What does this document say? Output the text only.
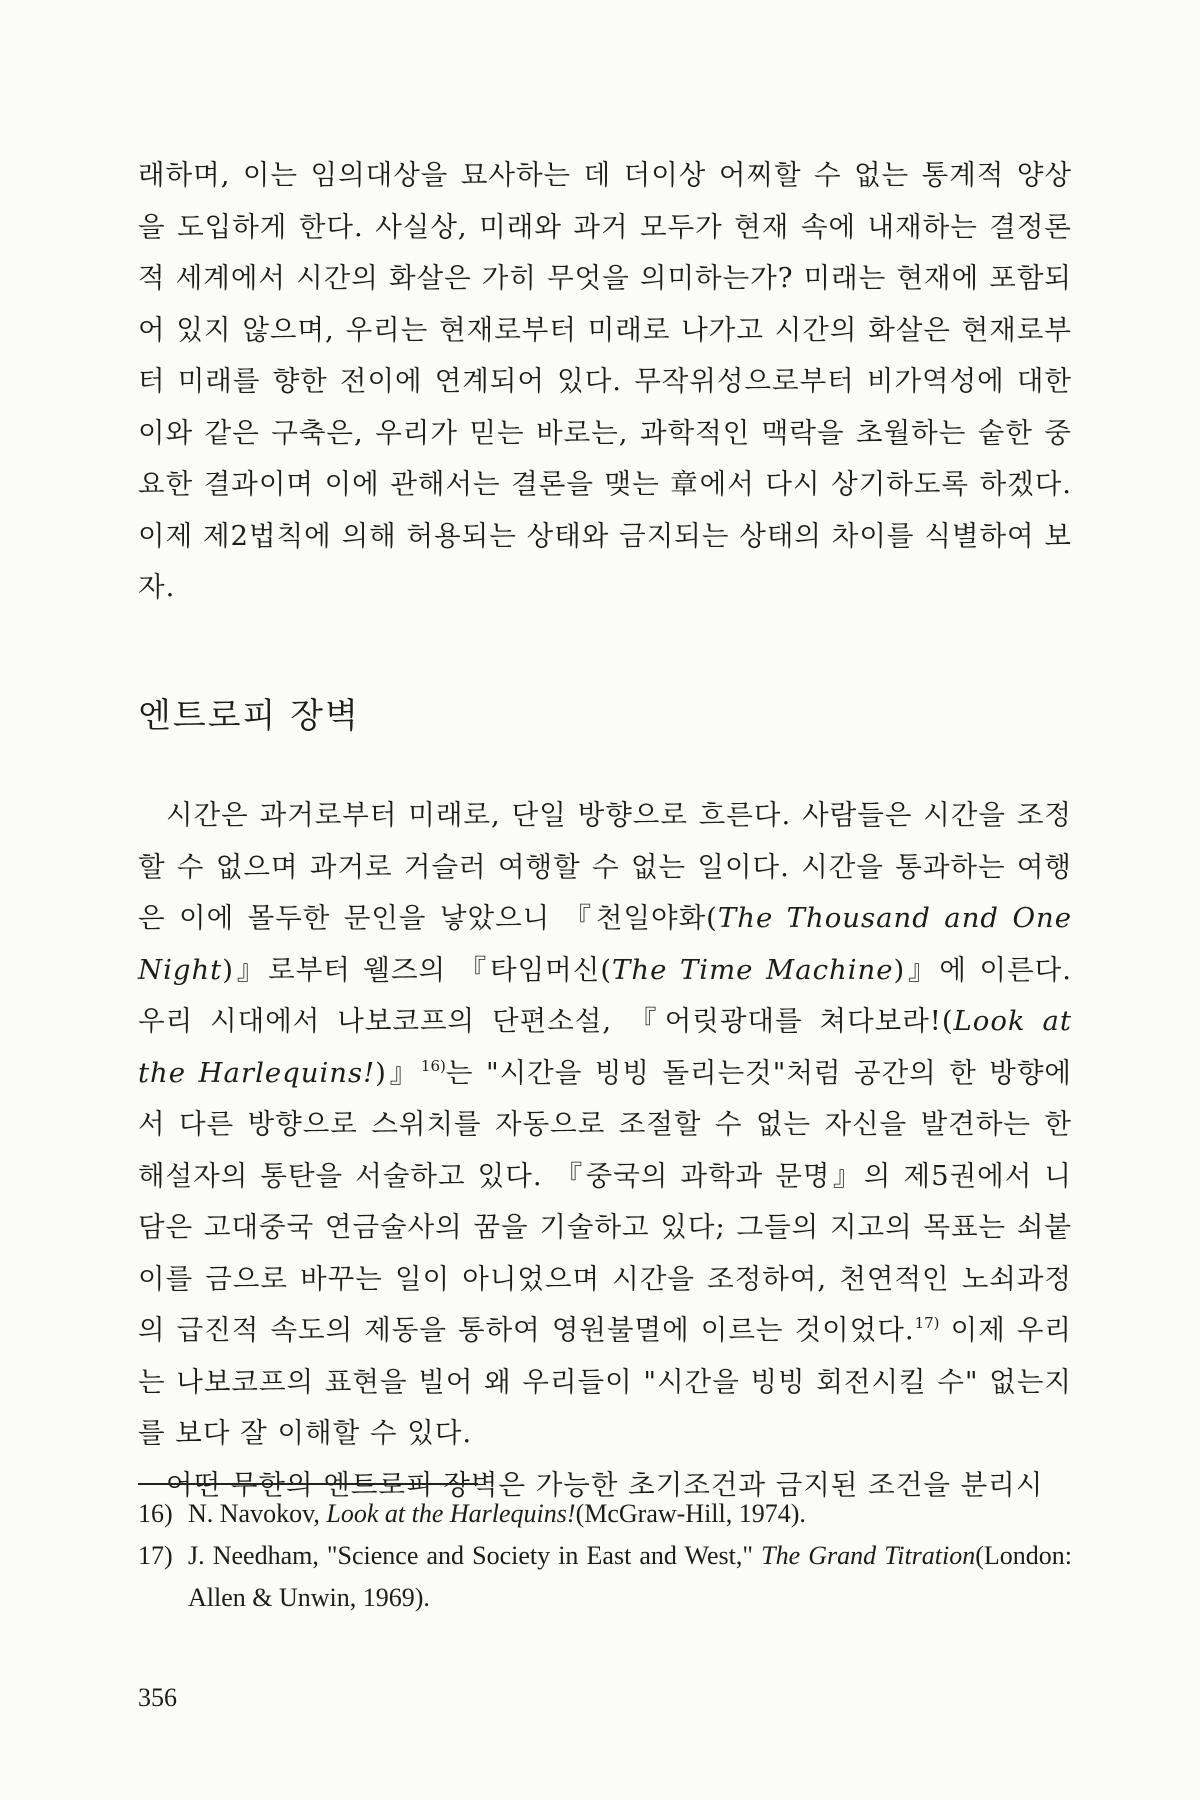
래하며, 이는 임의대상을 묘사하는 데 더이상 어찌할 수 없는 통계적 양상을 도입하게 한다. 사실상, 미래와 과거 모두가 현재 속에 내재하는 결정론적 세계에서 시간의 화살은 가히 무엇을 의미하는가? 미래는 현재에 포함되어 있지 않으며, 우리는 현재로부터 미래로 나가고 시간의 화살은 현재로부터 미래를 향한 전이에 연계되어 있다. 무작위성으로부터 비가역성에 대한 이와 같은 구축은, 우리가 믿는 바로는, 과학적인 맥락을 초월하는 숱한 중요한 결과이며 이에 관해서는 결론을 맺는 章에서 다시 상기하도록 하겠다. 이제 제2법칙에 의해 허용되는 상태와 금지되는 상태의 차이를 식별하여 보자.

엔트로피 장벽

시간은 과거로부터 미래로, 단일 방향으로 흐른다. 사람들은 시간을 조정할 수 없으며 과거로 거슬러 여행할 수 없는 일이다. 시간을 통과하는 여행은 이에 몰두한 문인을 낳았으니 『천일야화(The Thousand and One Night)』로부터 웰즈의 『타임머신(The Time Machine)』에 이른다. 우리 시대에서 나보코프의 단편소설, 『어릿광대를 쳐다보라!(Look at the Harlequins!)』$^{16)}$는 "시간을 빙빙 돌리는것"처럼 공간의 한 방향에서 다른 방향으로 스위치를 자동으로 조절할 수 없는 자신을 발견하는 한 해설자의 통탄을 서술하고 있다. 『중국의 과학과 문명』의 제5권에서 니담은 고대중국 연금술사의 꿈을 기술하고 있다; 그들의 지고의 목표는 쇠붙이를 금으로 바꾸는 일이 아니었으며 시간을 조정하여, 천연적인 노쇠과정의 급진적 속도의 제동을 통하여 영원불멸에 이르는 것이었다.$^{17)}$ 이제 우리는 나보코프의 표현을 빌어 왜 우리들이 "시간을 빙빙 회전시킬 수" 없는지를 보다 잘 이해할 수 있다.

어떤 무한의 엔트로피 장벽은 가능한 초기조건과 금지된 조건을 분리시

16) N. Navokov, Look at the Harlequins!(McGraw-Hill, 1974).

17) J. Needham, "Science and Society in East and West," The Grand Titration(London: Allen & Unwin, 1969).

356
